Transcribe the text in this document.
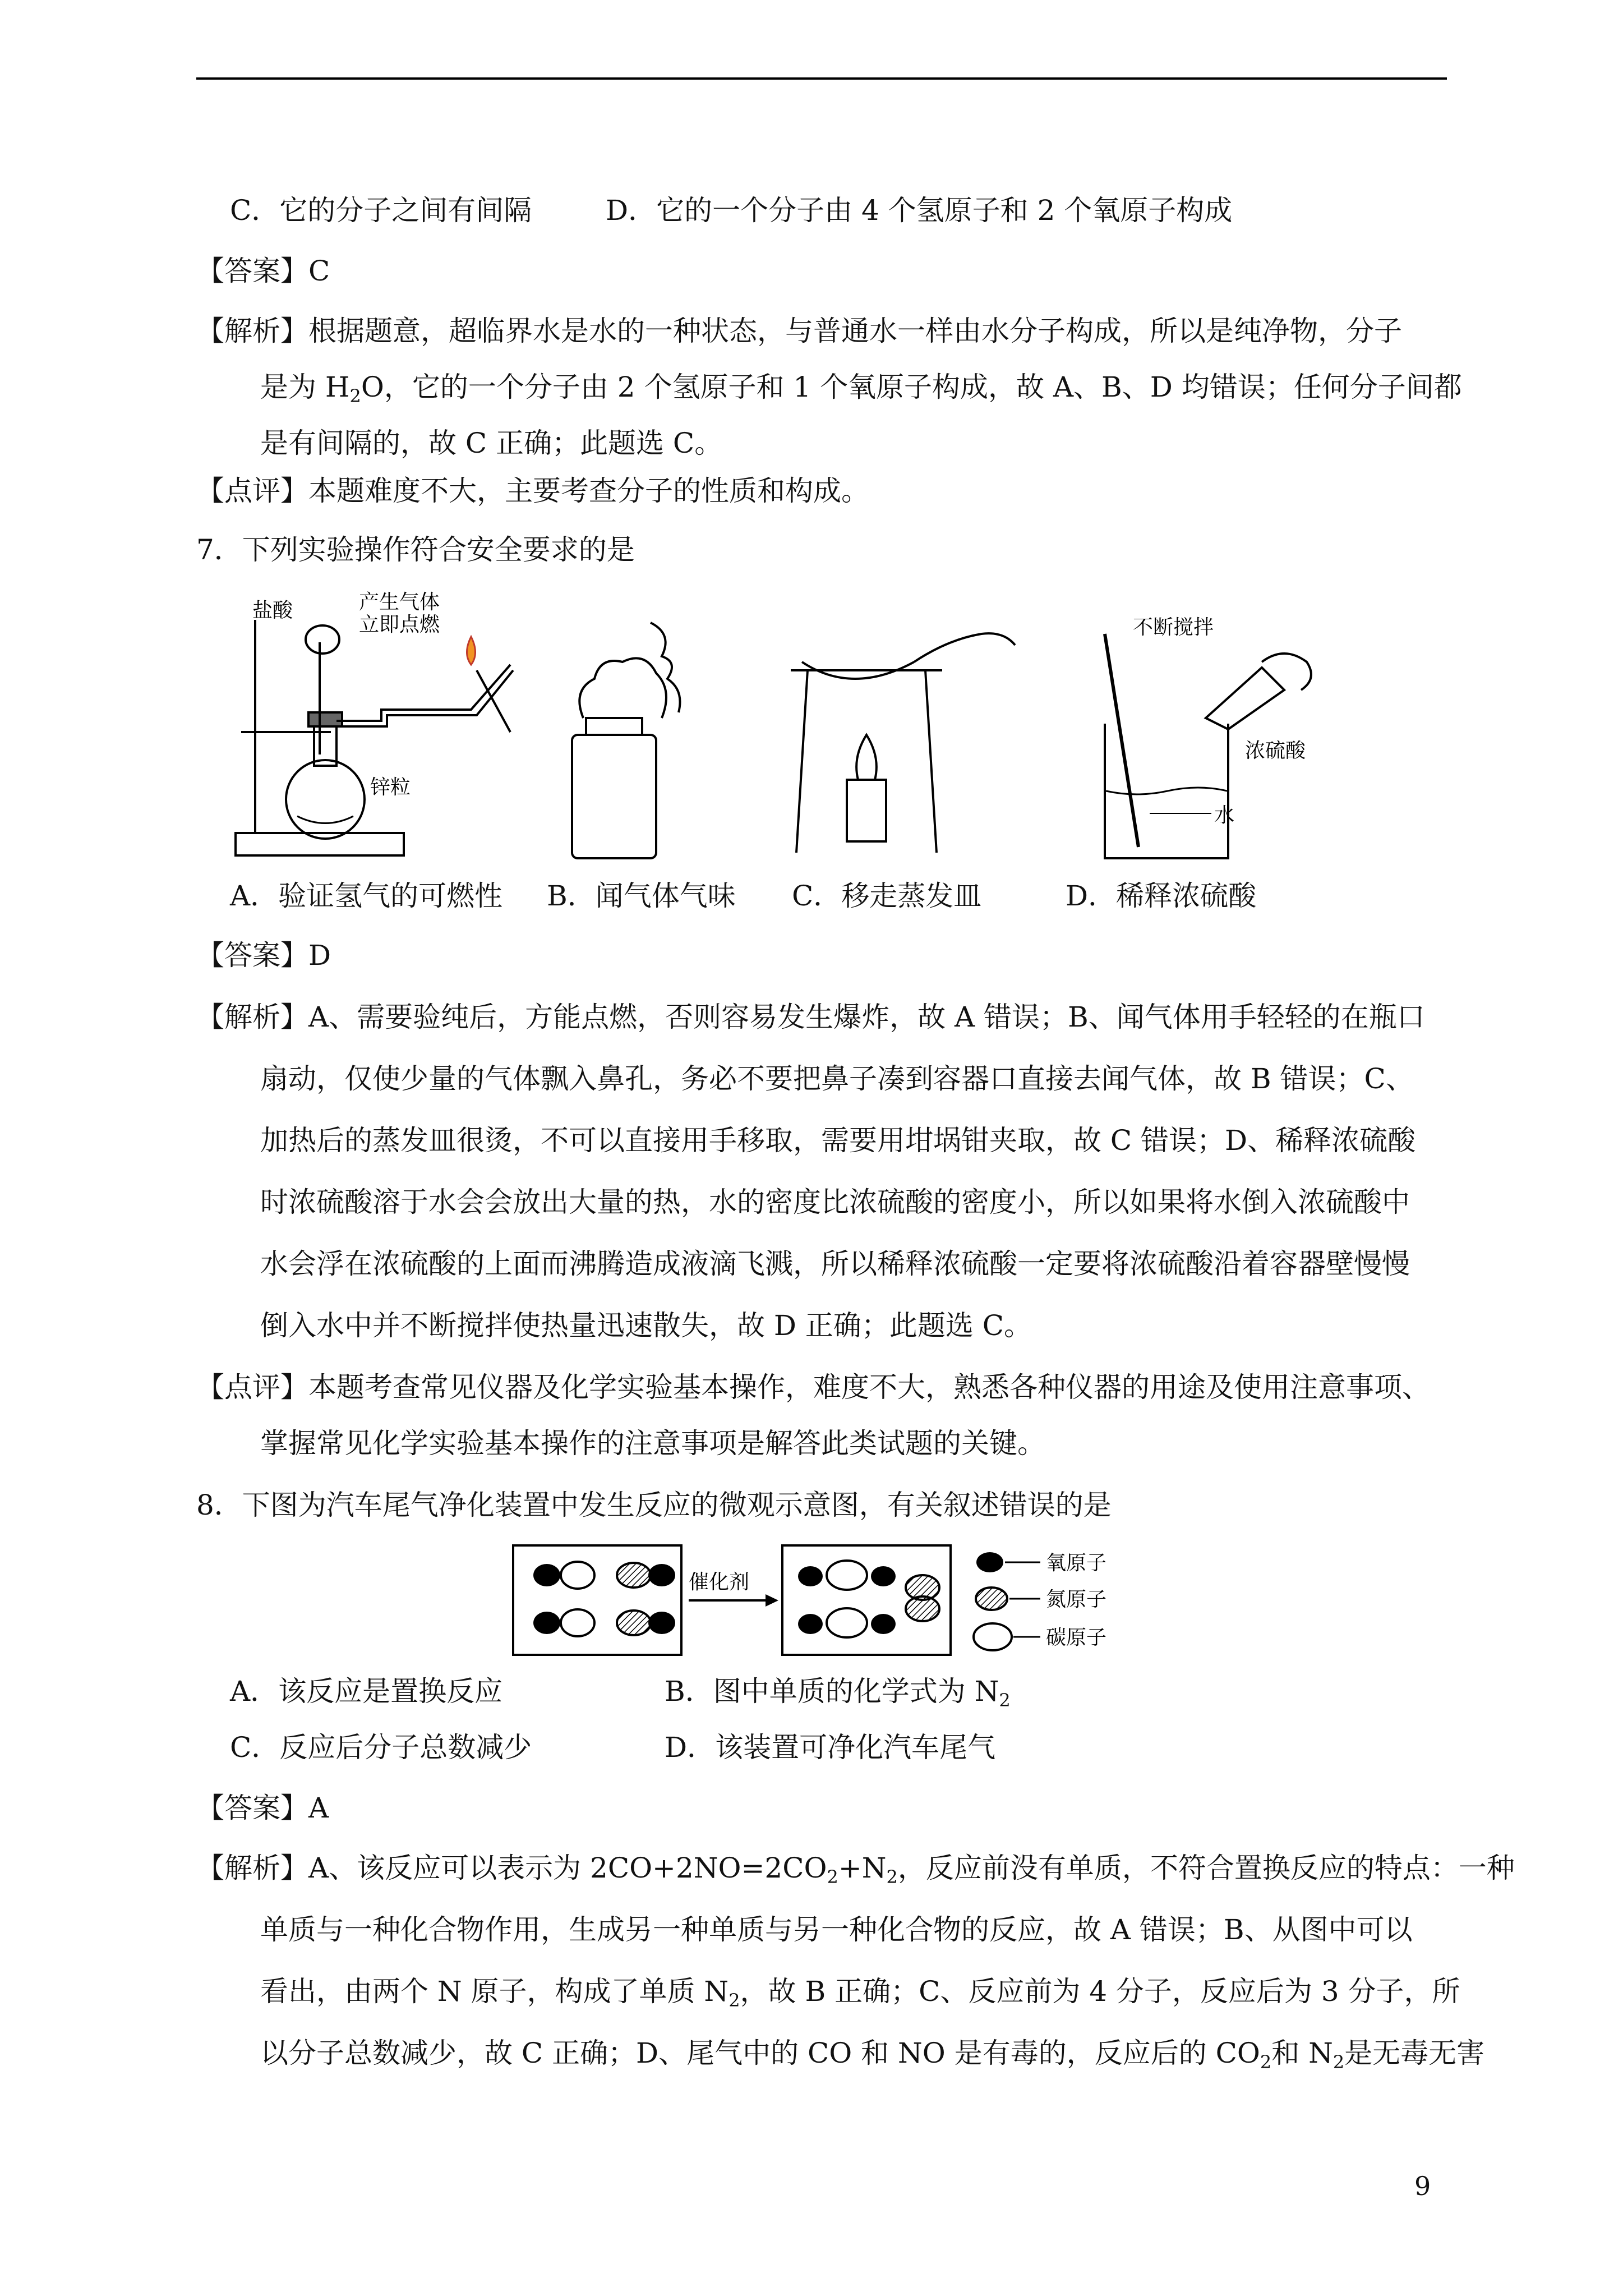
C．它的分子之间有间隔	D．它的一个分子由 4 个氢原子和 2 个氧原子构成
【答案】C
【解析】根据题意，超临界水是水的一种状态，与普通水一样由水分子构成，所以是纯净物，分子
是为 $H_2O$，它的一个分子由 2 个氢原子和 1 个氧原子构成，故 A、B、D 均错误；任何分子间都
是有间隔的，故 C 正确；此题选 C。
【点评】本题难度不大，主要考查分子的性质和构成。
7．下列实验操作符合安全要求的是
盐酸	产生气体
立即点燃
锌粒
不断搅拌
浓硫酸
水
A．验证氢气的可燃性 B．闻气体气味 C．移走蒸发皿	D．稀释浓硫酸
【答案】D
【解析】A、需要验纯后，方能点燃，否则容易发生爆炸，故 A 错误；B、闻气体用手轻轻的在瓶口
扇动，仅使少量的气体飘入鼻孔，务必不要把鼻子凑到容器口直接去闻气体，故 B 错误；C、
加热后的蒸发皿很烫，不可以直接用手移取，需要用坩埚钳夹取，故 C 错误；D、稀释浓硫酸
时浓硫酸溶于水会会放出大量的热，水的密度比浓硫酸的密度小，所以如果将水倒入浓硫酸中
水会浮在浓硫酸的上面而沸腾造成液滴飞溅，所以稀释浓硫酸一定要将浓硫酸沿着容器壁慢慢
倒入水中并不断搅拌使热量迅速散失，故 D 正确；此题选 C。
【点评】本题考查常见仪器及化学实验基本操作，难度不大，熟悉各种仪器的用途及使用注意事项、
掌握常见化学实验基本操作的注意事项是解答此类试题的关键。
8．下图为汽车尾气净化装置中发生反应的微观示意图，有关叙述错误的是
催化剂
氧原子
氮原子
碳原子
A．该反应是置换反应	B．图中单质的化学式为 $N_2$
C．反应后分子总数减少	D．该装置可净化汽车尾气
【答案】A
【解析】A、该反应可以表示为 $2CO+2NO=2CO_2+N_2$，反应前没有单质，不符合置换反应的特点：一种
单质与一种化合物作用，生成另一种单质与另一种化合物的反应，故 A 错误；B、从图中可以
看出，由两个 N 原子，构成了单质 $N_2$，故 B 正确；C、反应前为 4 分子，反应后为 3 分子，所
以分子总数减少，故 C 正确；D、尾气中的 CO 和 NO 是有毒的，反应后的 $CO_2$和 $N_2$是无毒无害
9
